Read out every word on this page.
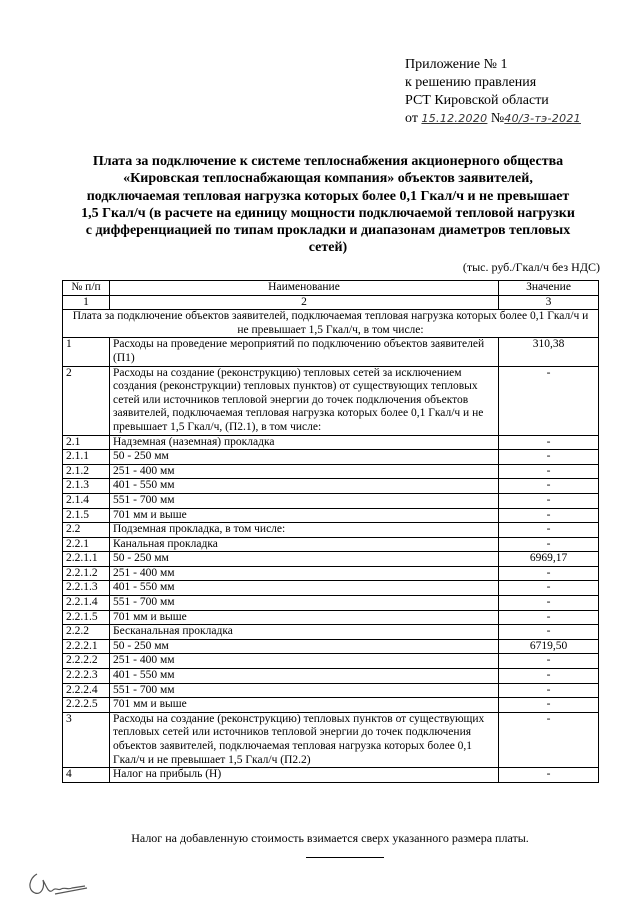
Приложение № 1
к решению правления
РСТ Кировской области
от 15.12.2020 №40/3-тэ-2021
Плата за подключение к системе теплоснабжения акционерного общества «Кировская теплоснабжающая компания» объектов заявителей, подключаемая тепловая нагрузка которых более 0,1 Гкал/ч и не превышает 1,5 Гкал/ч (в расчете на единицу мощности подключаемой тепловой нагрузки с дифференциацией по типам прокладки и диапазонам диаметров тепловых сетей)
(тыс. руб./Гкал/ч без НДС)
№ п/п	Наименование	Значение
1	2	3
Плата за подключение объектов заявителей, подключаемая тепловая нагрузка которых более 0,1 Гкал/ч и не превышает 1,5 Гкал/ч, в том числе:		
1	Расходы на проведение мероприятий по подключению объектов заявителей (П1)	310,38
2	Расходы на создание (реконструкцию) тепловых сетей за исключением создания (реконструкции) тепловых пунктов) от существующих тепловых сетей или источников тепловой энергии до точек подключения объектов заявителей, подключаемая тепловая нагрузка которых более 0,1 Гкал/ч и не превышает 1,5 Гкал/ч, (П2.1), в том числе:	-
2.1	Надземная (наземная) прокладка	-
2.1.1	50 - 250 мм	-
2.1.2	251 - 400 мм	-
2.1.3	401 - 550 мм	-
2.1.4	551 - 700 мм	-
2.1.5	701 мм и выше	-
2.2	Подземная прокладка, в том числе:	-
2.2.1	Канальная прокладка	-
2.2.1.1	50 - 250 мм	6969,17
2.2.1.2	251 - 400 мм	-
2.2.1.3	401 - 550 мм	-
2.2.1.4	551 - 700 мм	-
2.2.1.5	701 мм и выше	-
2.2.2	Бесканальная прокладка	-
2.2.2.1	50 - 250 мм	6719,50
2.2.2.2	251 - 400 мм	-
2.2.2.3	401 - 550 мм	-
2.2.2.4	551 - 700 мм	-
2.2.2.5	701 мм и выше	-
3	Расходы на создание (реконструкцию) тепловых пунктов от существующих тепловых сетей или источников тепловой энергии до точек подключения объектов заявителей, подключаемая тепловая нагрузка которых более 0,1 Гкал/ч и не превышает 1,5 Гкал/ч (П2.2)	-
4	Налог на прибыль (Н)	-
Налог на добавленную стоимость взимается сверх указанного размера платы.
